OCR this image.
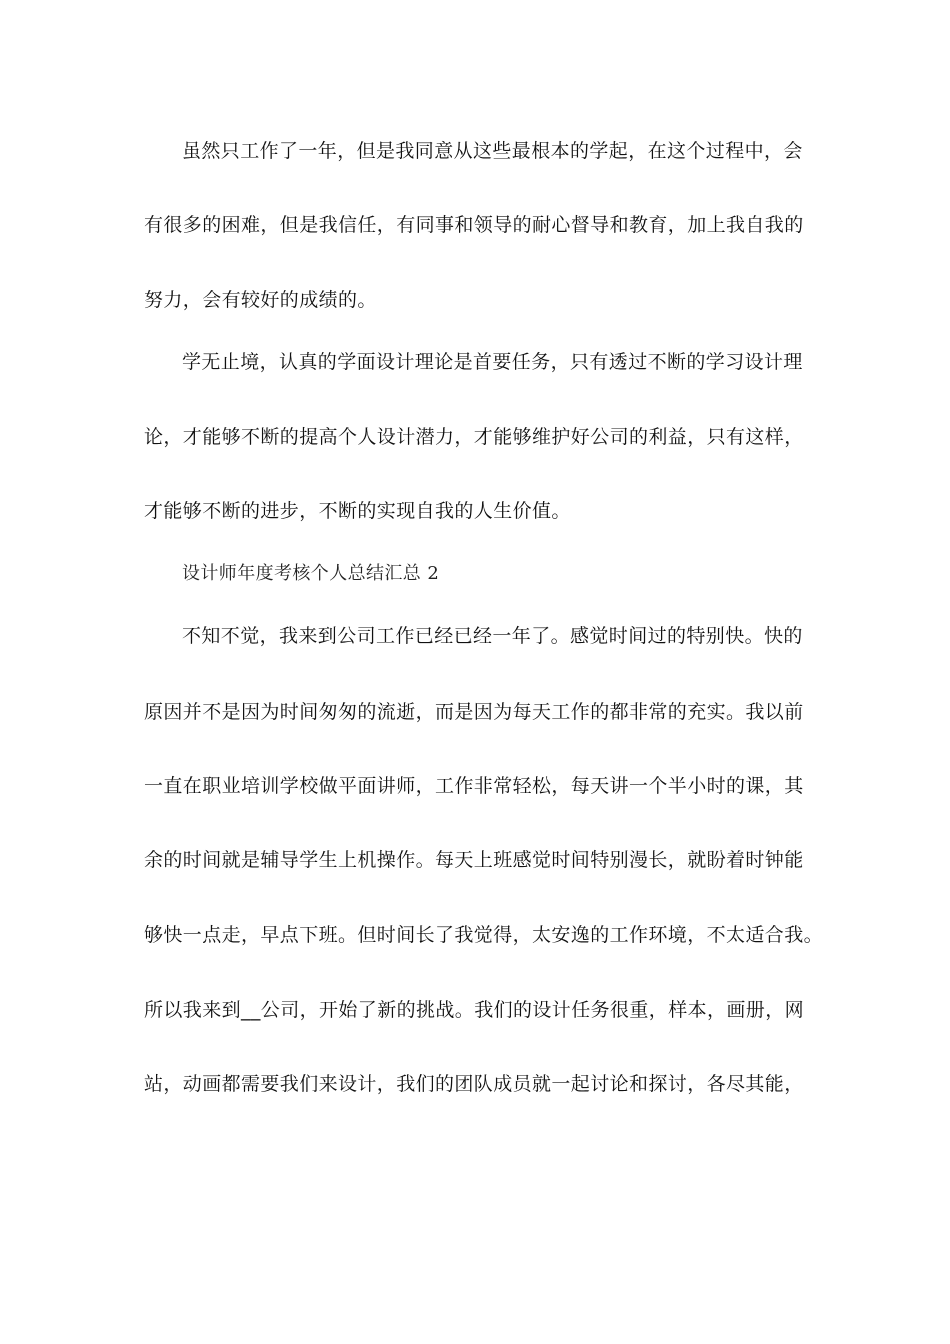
虽然只工作了一年，但是我同意从这些最根本的学起，在这个过程中，会
有很多的困难，但是我信任，有同事和领导的耐心督导和教育，加上我自我的
努力，会有较好的成绩的。
学无止境，认真的学面设计理论是首要任务，只有透过不断的学习设计理
论，才能够不断的提高个人设计潜力，才能够维护好公司的利益，只有这样，
才能够不断的进步，不断的实现自我的人生价值。
设计师年度考核个人总结汇总 2
不知不觉，我来到公司工作已经已经一年了。感觉时间过的特别快。快的
原因并不是因为时间匆匆的流逝，而是因为每天工作的都非常的充实。我以前
一直在职业培训学校做平面讲师，工作非常轻松，每天讲一个半小时的课，其
余的时间就是辅导学生上机操作。每天上班感觉时间特别漫长，就盼着时钟能
够快一点走，早点下班。但时间长了我觉得，太安逸的工作环境，不太适合我。
所以我来到__公司，开始了新的挑战。我们的设计任务很重，样本，画册，网
站，动画都需要我们来设计，我们的团队成员就一起讨论和探讨，各尽其能，
